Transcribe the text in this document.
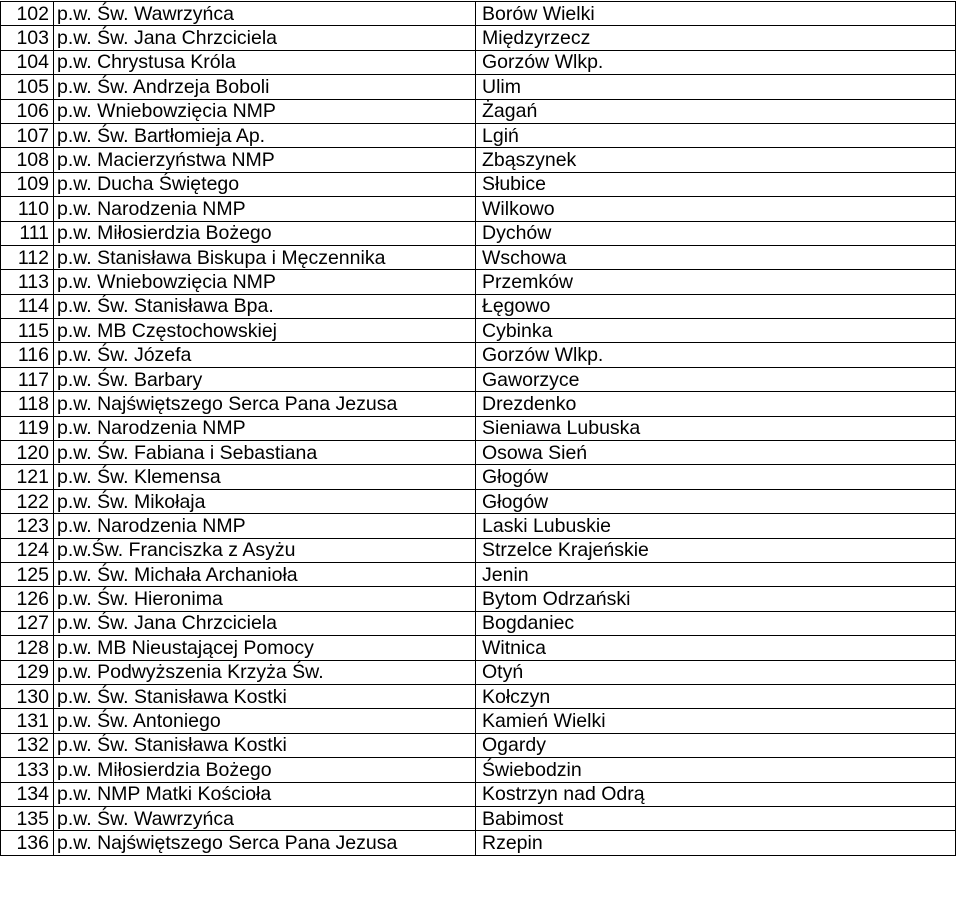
102	p.w. Św. Wawrzyńca	Borów Wielki
103	p.w. Św. Jana Chrzciciela	Międzyrzecz
104	p.w. Chrystusa Króla	Gorzów Wlkp.
105	p.w. Św. Andrzeja Boboli	Ulim
106	p.w. Wniebowzięcia NMP	Żagań
107	p.w. Św. Bartłomieja Ap.	Lgiń
108	p.w. Macierzyństwa NMP	Zbąszynek
109	p.w. Ducha Świętego	Słubice
110	p.w. Narodzenia NMP	Wilkowo
111	p.w. Miłosierdzia Bożego	Dychów
112	p.w. Stanisława Biskupa i Męczennika	Wschowa
113	p.w. Wniebowzięcia NMP	Przemków
114	p.w. Św. Stanisława Bpa.	Łęgowo
115	p.w. MB Częstochowskiej	Cybinka
116	p.w. Św. Józefa	Gorzów Wlkp.
117	p.w. Św. Barbary	Gaworzyce
118	p.w. Najświętszego Serca Pana Jezusa	Drezdenko
119	p.w. Narodzenia NMP	Sieniawa Lubuska
120	p.w. Św. Fabiana i Sebastiana	Osowa Sień
121	p.w. Św. Klemensa	Głogów
122	p.w. Św. Mikołaja	Głogów
123	p.w. Narodzenia NMP	Laski Lubuskie
124	p.w.Św. Franciszka z Asyżu	Strzelce Krajeńskie
125	p.w. Św. Michała Archanioła	Jenin
126	p.w. Św. Hieronima	Bytom Odrzański
127	p.w. Św. Jana Chrzciciela	Bogdaniec
128	p.w. MB Nieustającej Pomocy	Witnica
129	p.w. Podwyższenia Krzyża Św.	Otyń
130	p.w. Św. Stanisława Kostki	Kołczyn
131	p.w. Św. Antoniego	Kamień Wielki
132	p.w. Św. Stanisława Kostki	Ogardy
133	p.w. Miłosierdzia Bożego	Świebodzin
134	p.w. NMP Matki Kościoła	Kostrzyn nad Odrą
135	p.w. Św. Wawrzyńca	Babimost
136	p.w. Najświętszego Serca Pana Jezusa	Rzepin
